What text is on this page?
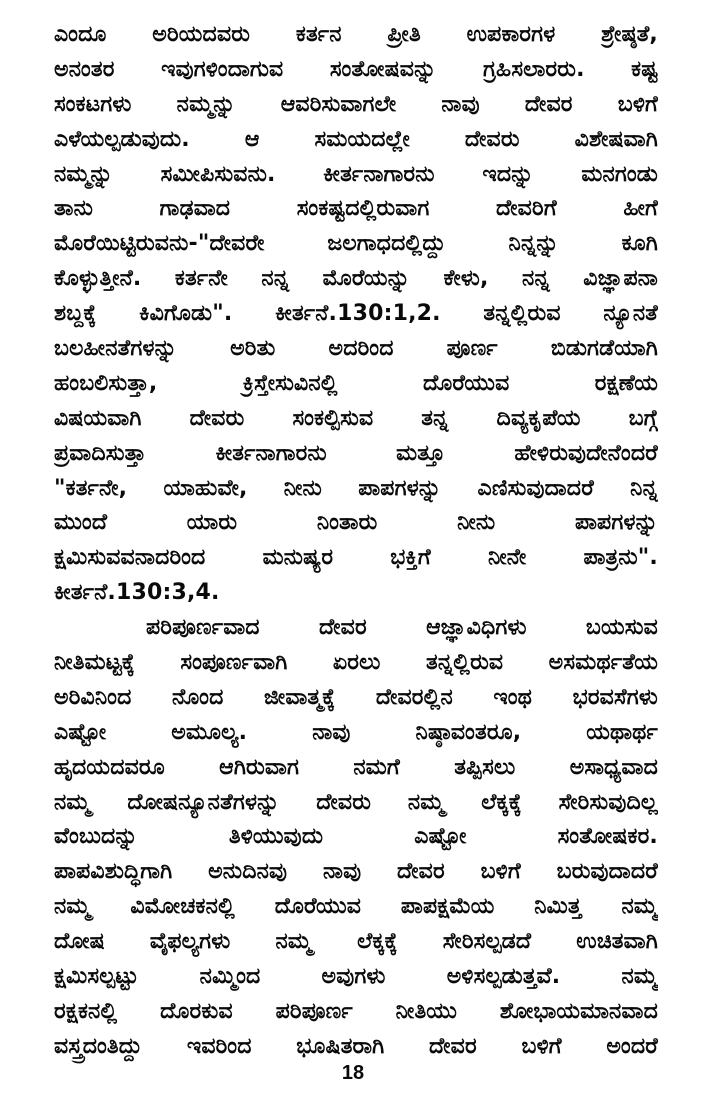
ಎಂದೂ ಅರಿಯದವರು ಕರ್ತನ ಪ್ರೀತಿ ಉಪಕಾರಗಳ ಶ್ರೇಷ್ಠತೆ,
ಅನಂತರ ಇವುಗಳಿಂದಾಗುವ ಸಂತೋಷವನ್ನು ಗ್ರಹಿಸಲಾರರು. ಕಷ್ಟ
ಸಂಕಟಗಳು ನಮ್ಮನ್ನು ಆವರಿಸುವಾಗಲೇ ನಾವು ದೇವರ ಬಳಿಗೆ
ಎಳೆಯಲ್ಪಡುವುದು. ಆ ಸಮಯದಲ್ಲೇ ದೇವರು ವಿಶೇಷವಾಗಿ
ನಮ್ಮನ್ನು ಸಮೀಪಿಸುವನು. ಕೀರ್ತನಾಗಾರನು ಇದನ್ನು ಮನಗಂಡು
ತಾನು ಗಾಢವಾದ ಸಂಕಷ್ಟದಲ್ಲಿರುವಾಗ ದೇವರಿಗೆ ಹೀಗೆ
ಮೊರೆಯಿಟ್ಟಿರುವನು-"ದೇವರೇ ಜಲಗಾಧದಲ್ಲಿದ್ದು ನಿನ್ನನ್ನು ಕೂಗಿ
ಕೊಳ್ಳುತ್ತೀನೆ. ಕರ್ತನೇ ನನ್ನ ಮೊರೆಯನ್ನು ಕೇಳು, ನನ್ನ ವಿಜ್ಞಾಪನಾ
ಶಬ್ದಕ್ಕೆ ಕಿವಿಗೊಡು". ಕೀರ್ತನೆ.130:1,2. ತನ್ನಲ್ಲಿರುವ ನ್ಯೂನತೆ
ಬಲಹೀನತೆಗಳನ್ನು ಅರಿತು ಅದರಿಂದ ಪೂರ್ಣ ಬಿಡುಗಡೆಯಾಗಿ
ಹಂಬಲಿಸುತ್ತಾ, ಕ್ರಿಸ್ತೇಸುವಿನಲ್ಲಿ ದೊರೆಯುವ ರಕ್ಷಣೆಯ
ವಿಷಯವಾಗಿ ದೇವರು ಸಂಕಲ್ಪಿಸುವ ತನ್ನ ದಿವ್ಯಕೃಪೆಯ ಬಗ್ಗೆ
ಪ್ರವಾದಿಸುತ್ತಾ ಕೀರ್ತನಾಗಾರನು ಮತ್ತೂ ಹೇಳಿರುವುದೇನೆಂದರೆ
"ಕರ್ತನೇ, ಯಾಹುವೇ, ನೀನು ಪಾಪಗಳನ್ನು ಎಣಿಸುವುದಾದರೆ ನಿನ್ನ
ಮುಂದೆ ಯಾರು ನಿಂತಾರು ನೀನು ಪಾಪಗಳನ್ನು
ಕ್ಷಮಿಸುವವನಾದರಿಂದ ಮನುಷ್ಯರ ಭಕ್ತಿಗೆ ನೀನೇ ಪಾತ್ರನು".
ಕೀರ್ತನೆ.130:3,4.
ಪರಿಪೂರ್ಣವಾದ ದೇವರ ಆಜ್ಞಾವಿಧಿಗಳು ಬಯಸುವ
ನೀತಿಮಟ್ಟಕ್ಕೆ ಸಂಪೂರ್ಣವಾಗಿ ಏರಲು ತನ್ನಲ್ಲಿರುವ ಅಸಮರ್ಥತೆಯ
ಅರಿವಿನಿಂದ ನೊಂದ ಜೀವಾತ್ಮಕ್ಕೆ ದೇವರಲ್ಲಿನ ಇಂಥ ಭರವಸೆಗಳು
ಎಷ್ಟೋ ಅಮೂಲ್ಯ. ನಾವು ನಿಷ್ಠಾವಂತರೂ, ಯಥಾರ್ಥ
ಹೃದಯದವರೂ ಆಗಿರುವಾಗ ನಮಗೆ ತಪ್ಪಿಸಲು ಅಸಾಧ್ಯವಾದ
ನಮ್ಮ ದೋಷನ್ಯೂನತೆಗಳನ್ನು ದೇವರು ನಮ್ಮ ಲೆಕ್ಕಕ್ಕೆ ಸೇರಿಸುವುದಿಲ್ಲ
ವೆಂಬುದನ್ನು ತಿಳಿಯುವುದು ಎಷ್ಟೋ ಸಂತೋಷಕರ.
ಪಾಪವಿಶುದ್ಧಿಗಾಗಿ ಅನುದಿನವು ನಾವು ದೇವರ ಬಳಿಗೆ ಬರುವುದಾದರೆ
ನಮ್ಮ ವಿಮೋಚಕನಲ್ಲಿ ದೊರೆಯುವ ಪಾಪಕ್ಷಮೆಯ ನಿಮಿತ್ತ ನಮ್ಮ
ದೋಷ ವೈಫಲ್ಯಗಳು ನಮ್ಮ ಲೆಕ್ಕಕ್ಕೆ ಸೇರಿಸಲ್ಪಡದೆ ಉಚಿತವಾಗಿ
ಕ್ಷಮಿಸಲ್ಪಟ್ಟು ನಮ್ಮಿಂದ ಅವುಗಳು ಅಳಿಸಲ್ಪಡುತ್ತವೆ. ನಮ್ಮ
ರಕ್ಷಕನಲ್ಲಿ ದೊರಕುವ ಪರಿಪೂರ್ಣ ನೀತಿಯು ಶೋಭಾಯಮಾನವಾದ
ವಸ್ತ್ರದಂತಿದ್ದು ಇವರಿಂದ ಭೂಷಿತರಾಗಿ ದೇವರ ಬಳಿಗೆ ಅಂದರೆ
18
